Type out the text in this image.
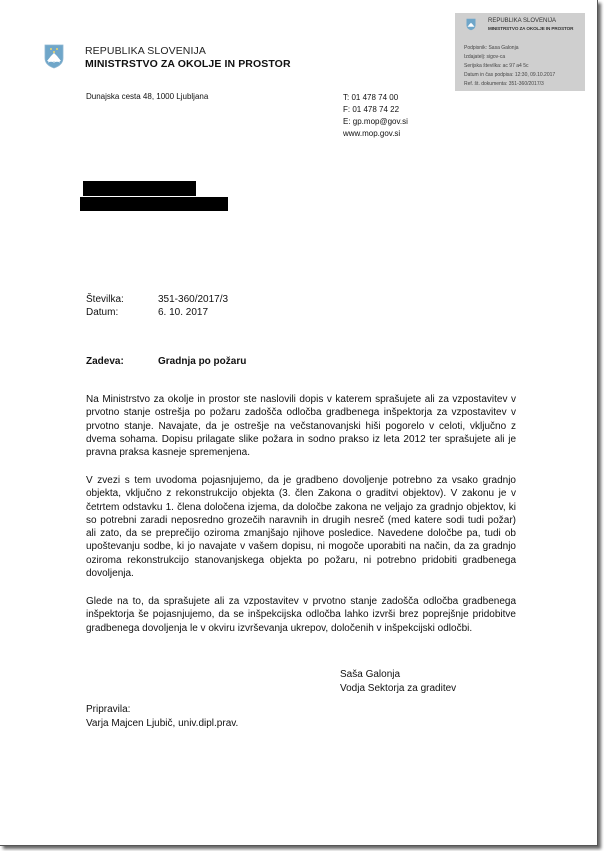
REPUBLIKA SLOVENIJA
MINISTRSTVO ZA OKOLJE IN PROSTOR
Dunajska cesta 48, 1000 Ljubljana	T: 01 478 74 00
F: 01 478 74 22
E: gp.mop@gov.si
www.mop.gov.si
REPUBLIKA SLOVENIJA
MINISTRSTVO ZA OKOLJE IN PROSTOR
Podpisnik: Sasa Galonja
Izdajatelj: sigov-ca
Serijska številka: ac 97 a4 5c
Datum in čas podpisa: 12:30, 09.10.2017
Ref. št. dokumenta: 351-360/2017/3
Številka:	351-360/2017/3
Datum:	6. 10. 2017
Zadeva:	Gradnja po požaru
Na Ministrstvo za okolje in prostor ste naslovili dopis v katerem sprašujete ali za vzpostavitev v prvotno stanje ostrešja po požaru zadošča odločba gradbenega inšpektorja za vzpostavitev v prvotno stanje. Navajate, da je ostrešje na večstanovanjski hiši pogorelo v celoti, vključno z dvema sohama. Dopisu prilagate slike požara in sodno prakso iz leta 2012 ter sprašujete ali je pravna praksa kasneje spremenjena.
V zvezi s tem uvodoma pojasnjujemo, da je gradbeno dovoljenje potrebno za vsako gradnjo objekta, vključno z rekonstrukcijo objekta (3. člen Zakona o graditvi objektov). V zakonu je v četrtem odstavku 1. člena določena izjema, da določbe zakona ne veljajo za gradnjo objektov, ki so potrebni zaradi neposredno grozečih naravnih in drugih nesreč (med katere sodi tudi požar) ali zato, da se preprečijo oziroma zmanjšajo njihove posledice. Navedene določbe pa, tudi ob upoštevanju sodbe, ki jo navajate v vašem dopisu, ni mogoče uporabiti na način, da za gradnjo oziroma rekonstrukcijo stanovanjskega objekta po požaru, ni potrebno pridobiti gradbenega dovoljenja.
Glede na to, da sprašujete ali za vzpostavitev v prvotno stanje zadošča odločba gradbenega inšpektorja še pojasnjujemo, da se inšpekcijska odločba lahko izvrši brez poprejšnje pridobitve gradbenega dovoljenja le v okviru izvrševanja ukrepov, določenih v inšpekcijski odločbi.
Saša Galonja
Vodja Sektorja za graditev
Pripravila:
Varja Majcen Ljubič, univ.dipl.prav.
